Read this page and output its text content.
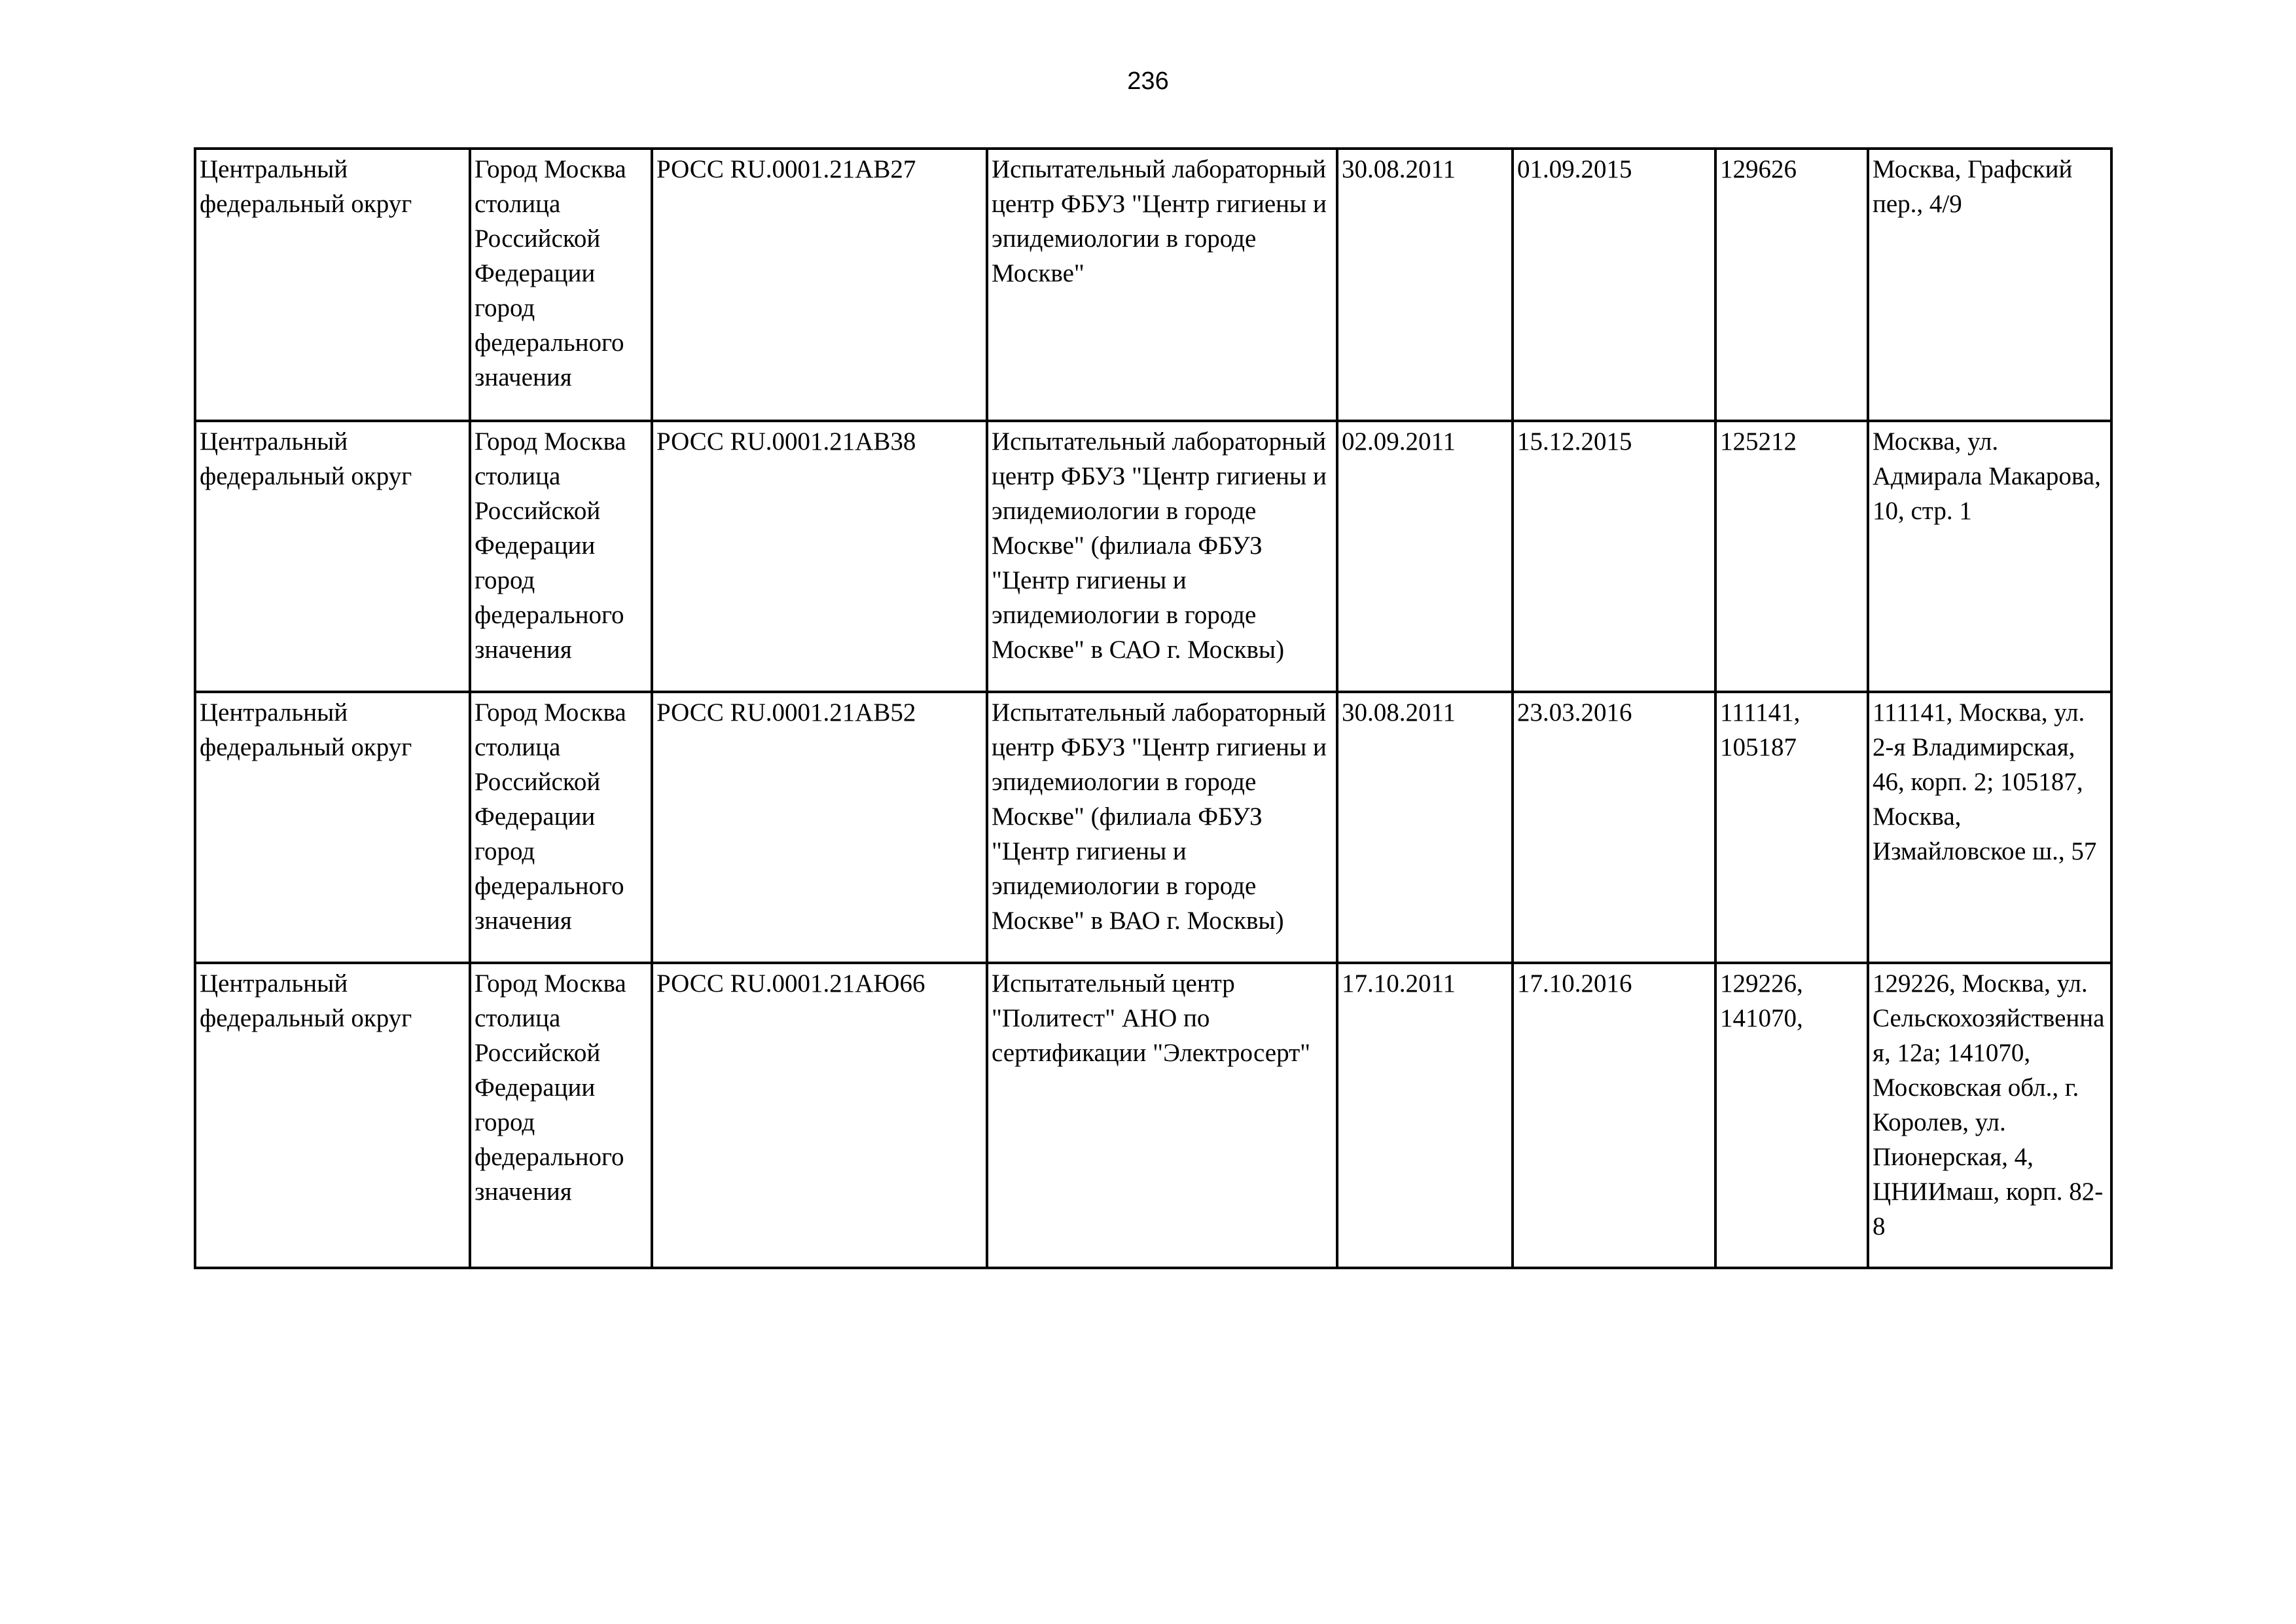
236
Центральный федеральный округ	Город Москва столица Российской Федерации город федерального значения	РОСС RU.0001.21АВ27	Испытательный лабораторный центр ФБУЗ "Центр гигиены и эпидемиологии в городе Москве"	30.08.2011	01.09.2015	129626	Москва, Графский пер., 4/9

Центральный федеральный округ	Город Москва столица Российской Федерации город федерального значения	РОСС RU.0001.21АВ38	Испытательный лабораторный центр ФБУЗ "Центр гигиены и эпидемиологии в городе Москве" (филиала ФБУЗ "Центр гигиены и эпидемиологии в городе Москве" в САО г. Москвы)	02.09.2011	15.12.2015	125212	Москва, ул. Адмирала Макарова, 10, стр. 1

Центральный федеральный округ	Город Москва столица Российской Федерации город федерального значения	РОСС RU.0001.21АВ52	Испытательный лабораторный центр ФБУЗ "Центр гигиены и эпидемиологии в городе Москве" (филиала ФБУЗ "Центр гигиены и эпидемиологии в городе Москве" в ВАО г. Москвы)	30.08.2011	23.03.2016	111141, 105187	111141, Москва, ул. 2-я Владимирская, 46, корп. 2; 105187, Москва, Измайловское ш., 57

Центральный федеральный округ	Город Москва столица Российской Федерации город федерального значения	РОСС RU.0001.21АЮ66	Испытательный центр "Политест" АНО по сертификации "Электросерт"	17.10.2011	17.10.2016	129226, 141070,	129226, Москва, ул. Сельскохозяйственная, 12а; 141070, Московская обл., г. Королев, ул. Пионерская, 4, ЦНИИмаш, корп. 82-8
